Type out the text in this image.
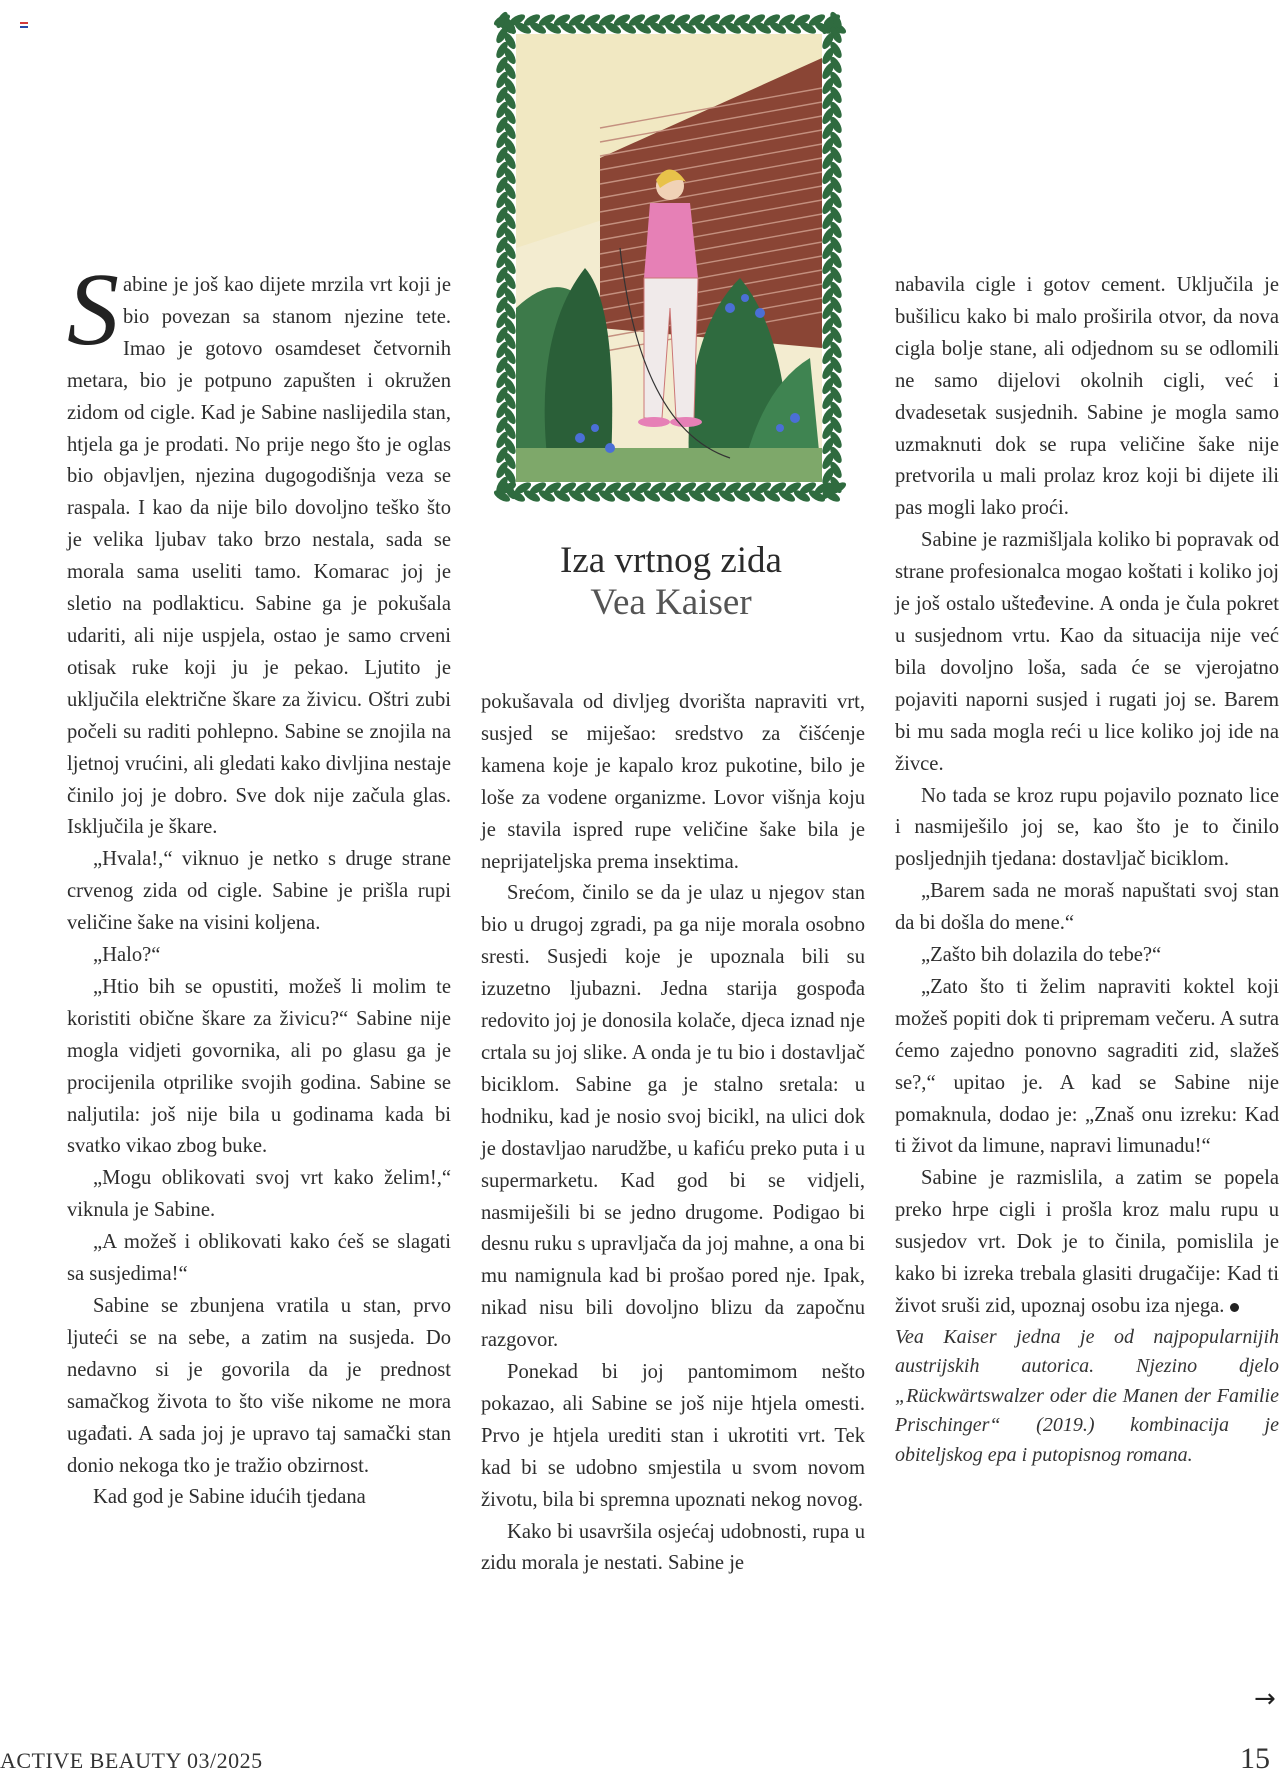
Iza vrtnog zida
Vea Kaiser

Sabine je još kao dijete mrzila vrt koji je bio povezan sa stanom njezine tete. Imao je gotovo osamdeset četvornih metara, bio je potpuno zapušten i okružen zidom od cigle. Kad je Sabine naslijedila stan, htjela ga je prodati. No prije nego što je oglas bio objavljen, njezina dugogodišnja veza se raspala. I kao da nije bilo dovoljno teško što je velika ljubav tako brzo nestala, sada se morala sama useliti tamo. Komarac joj je sletio na podlakticu. Sabine ga je pokušala udariti, ali nije uspjela, ostao je samo crveni otisak ruke koji ju je pekao. Ljutito je uključila električne škare za živicu. Oštri zubi počeli su raditi pohlepno. Sabine se znojila na ljetnoj vrućini, ali gledati kako divljina nestaje činilo joj je dobro. Sve dok nije začula glas. Isključila je škare.

„Hvala!,“ viknuo je netko s druge strane crvenog zida od cigle. Sabine je prišla rupi veličine šake na visini koljena.

„Halo?“

„Htio bih se opustiti, možeš li molim te koristiti obične škare za živicu?“ Sabine nije mogla vidjeti govornika, ali po glasu ga je procijenila otprilike svojih godina. Sabine se naljutila: još nije bila u godinama kada bi svatko vikao zbog buke.

„Mogu oblikovati svoj vrt kako želim!,“ viknula je Sabine.

„A možeš i oblikovati kako ćeš se slagati sa susjedima!“

Sabine se zbunjena vratila u stan, prvo ljuteći se na sebe, a zatim na susjeda. Do nedavno si je govorila da je prednost samačkog života to što više nikome ne mora ugađati. A sada joj je upravo taj samački stan donio nekoga tko je tražio obzirnost.

Kad god je Sabine idućih tjedana

pokušavala od divljeg dvorišta napraviti vrt, susjed se miješao: sredstvo za čišćenje kamena koje je kapalo kroz pukotine, bilo je loše za vodene organizme. Lovor višnja koju je stavila ispred rupe veličine šake bila je neprijateljska prema insektima.

Srećom, činilo se da je ulaz u njegov stan bio u drugoj zgradi, pa ga nije morala osobno sresti. Susjedi koje je upoznala bili su izuzetno ljubazni. Jedna starija gospođa redovito joj je donosila kolače, djeca iznad nje crtala su joj slike. A onda je tu bio i dostavljač biciklom. Sabine ga je stalno sretala: u hodniku, kad je nosio svoj bicikl, na ulici dok je dostavljao narudžbe, u kafiću preko puta i u supermarketu. Kad god bi se vidjeli, nasmiješili bi se jedno drugome. Podigao bi desnu ruku s upravljača da joj mahne, a ona bi mu namignula kad bi prošao pored nje. Ipak, nikad nisu bili dovoljno blizu da započnu razgovor.

Ponekad bi joj pantomimom nešto pokazao, ali Sabine se još nije htjela omesti. Prvo je htjela urediti stan i ukrotiti vrt. Tek kad bi se udobno smjestila u svom novom životu, bila bi spremna upoznati nekog novog.

Kako bi usavršila osjećaj udobnosti, rupa u zidu morala je nestati. Sabine je

nabavila cigle i gotov cement. Uključila je bušilicu kako bi malo proširila otvor, da nova cigla bolje stane, ali odjednom su se odlomili ne samo dijelovi okolnih cigli, već i dvadesetak susjednih. Sabine je mogla samo uzmaknuti dok se rupa veličine šake nije pretvorila u mali prolaz kroz koji bi dijete ili pas mogli lako proći.

Sabine je razmišljala koliko bi popravak od strane profesionalca mogao koštati i koliko joj je još ostalo ušteđevine. A onda je čula pokret u susjednom vrtu. Kao da situacija nije već bila dovoljno loša, sada će se vjerojatno pojaviti naporni susjed i rugati joj se. Barem bi mu sada mogla reći u lice koliko joj ide na živce.

No tada se kroz rupu pojavilo poznato lice i nasmiješilo joj se, kao što je to činilo posljednjih tjedana: dostavljač biciklom.

„Barem sada ne moraš napuštati svoj stan da bi došla do mene.“

„Zašto bih dolazila do tebe?“

„Zato što ti želim napraviti koktel koji možeš popiti dok ti pripremam večeru. A sutra ćemo zajedno ponovno sagraditi zid, slažeš se?,“ upitao je. A kad se Sabine nije pomaknula, dodao je: „Znaš onu izreku: Kad ti život da limune, napravi limunadu!“

Sabine je razmislila, a zatim se popela preko hrpe cigli i prošla kroz malu rupu u susjedov vrt. Dok je to činila, pomislila je kako bi izreka trebala glasiti drugačije: Kad ti život sruši zid, upoznaj osobu iza njega.

Vea Kaiser jedna je od najpopularnijih austrijskih autorica. Njezino djelo „Rückwärtswalzer oder die Manen der Familie Prischinger“ (2019.) kombinacija je obiteljskog epa i putopisnog romana.

→
ACTIVE BEAUTY 03/2025	15
